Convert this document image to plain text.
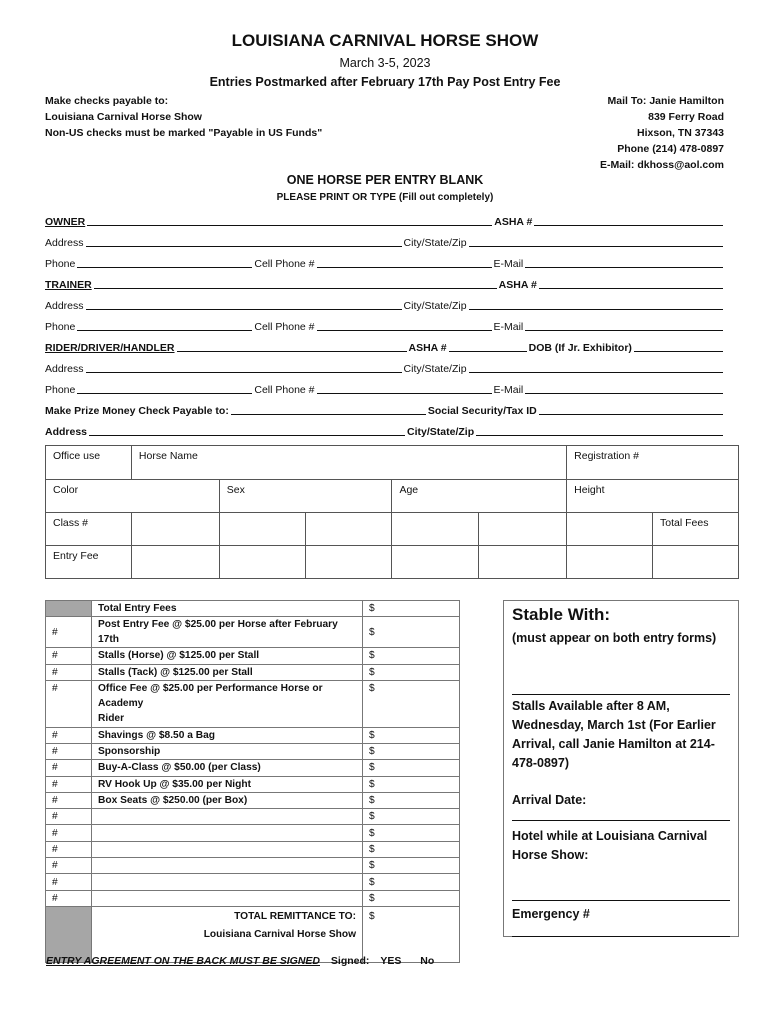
LOUISIANA CARNIVAL HORSE SHOW
March 3-5, 2023
Entries Postmarked after February 17th Pay Post Entry Fee
Make checks payable to:
Louisiana Carnival Horse Show
Non-US checks must be marked "Payable in US Funds"
Mail To: Janie Hamilton
839 Ferry Road
Hixson, TN 37343
Phone (214) 478-0897
E-Mail: dkhoss@aol.com
ONE HORSE PER ENTRY BLANK
PLEASE PRINT OR TYPE (Fill out completely)
OWNER	ASHA #
Address	City/State/Zip
Phone	Cell Phone #	E-Mail
TRAINER	ASHA #
Address	City/State/Zip
Phone	Cell Phone #	E-Mail
RIDER/DRIVER/HANDLER	ASHA #	DOB (If Jr. Exhibitor)
Address	City/State/Zip
Phone	Cell Phone #	E-Mail
Make Prize Money Check Payable to:	Social Security/Tax ID
Address	City/State/Zip
Office use	Horse Name					Registration #	
Color		Sex		Age		Height	
Class #							Total Fees
Entry Fee							
	Total Entry Fees	$
#	Post Entry Fee @ $25.00 per Horse after February 17th	$
#	Stalls (Horse) @ $125.00 per Stall	$
#	Stalls (Tack) @ $125.00 per Stall	$
#	Office Fee @ $25.00 per Performance Horse or Academy	$
	Rider	
#	Shavings @ $8.50 a Bag	$
#	Sponsorship	$
#	Buy-A-Class @ $50.00 (per Class)	$
#	RV Hook Up @ $35.00 per Night	$
#	Box Seats @ $250.00 (per Box)	$
#		$
#		$
#		$
#		$
#		$
#		$

	TOTAL REMITTANCE TO:
Louisiana Carnival Horse Show	$
Stable With:
(must appear on both entry forms)
Stalls Available after 8 AM, Wednesday, March 1st (For Earlier Arrival, call Janie Hamilton at 214-478-0897)
Arrival Date:
Hotel while at Louisiana Carnival Horse Show:
Emergency #
ENTRY AGREEMENT ON THE BACK MUST BE SIGNED Signed: YES No
